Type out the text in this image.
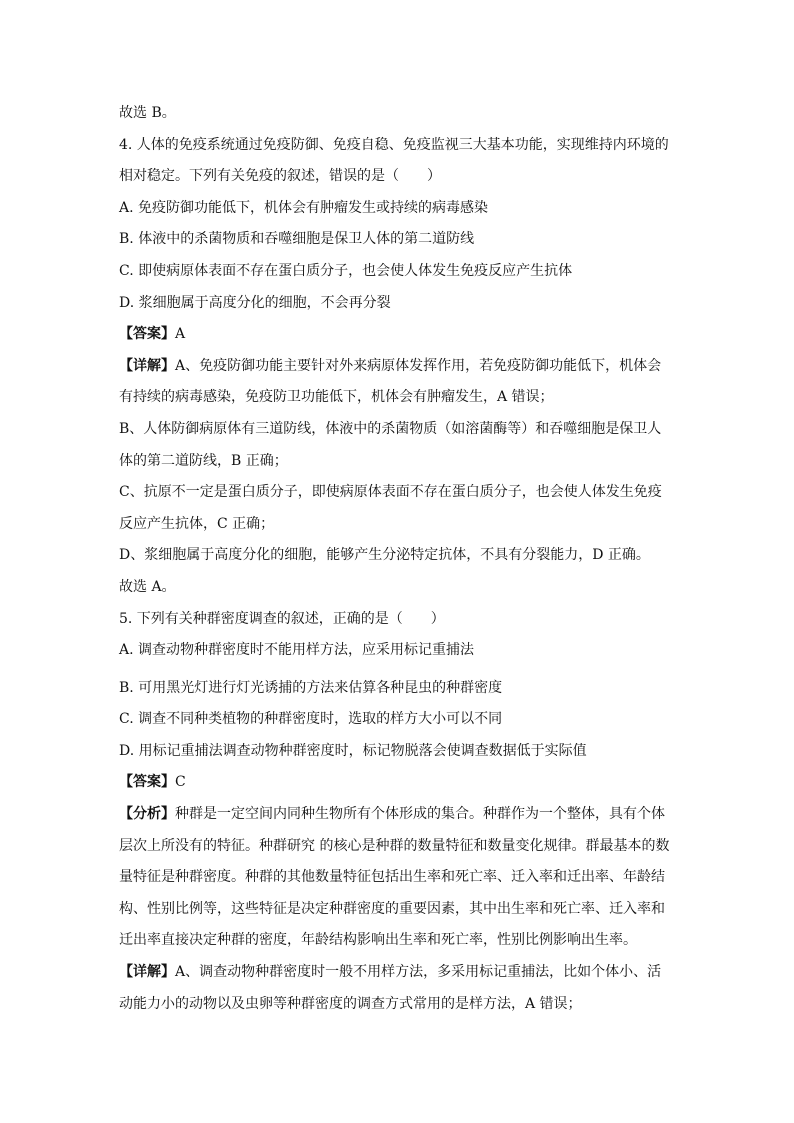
故选 B。
4. 人体的免疫系统通过免疫防御、免疫自稳、免疫监视三大基本功能，实现维持内环境的
相对稳定。下列有关免疫的叙述，错误的是（　　）
A. 免疫防御功能低下，机体会有肿瘤发生或持续的病毒感染
B. 体液中的杀菌物质和吞噬细胞是保卫人体的第二道防线
C. 即使病原体表面不存在蛋白质分子，也会使人体发生免疫反应产生抗体
D. 浆细胞属于高度分化的细胞，不会再分裂
【答案】A
【详解】A、免疫防御功能主要针对外来病原体发挥作用，若免疫防御功能低下，机体会
有持续的病毒感染，免疫防卫功能低下，机体会有肿瘤发生，A 错误；
B、人体防御病原体有三道防线，体液中的杀菌物质（如溶菌酶等）和吞噬细胞是保卫人
体的第二道防线，B 正确；
C、抗原不一定是蛋白质分子，即使病原体表面不存在蛋白质分子，也会使人体发生免疫
反应产生抗体，C 正确；
D、浆细胞属于高度分化的细胞，能够产生分泌特定抗体，不具有分裂能力，D 正确。
故选 A。
5. 下列有关种群密度调查的叙述，正确的是（　　）
A. 调查动物种群密度时不能用样方法，应采用标记重捕法
B. 可用黑光灯进行灯光诱捕的方法来估算各种昆虫的种群密度
C. 调查不同种类植物的种群密度时，选取的样方大小可以不同
D. 用标记重捕法调查动物种群密度时，标记物脱落会使调查数据低于实际值
【答案】C
【分析】种群是一定空间内同种生物所有个体形成的集合。种群作为一个整体，具有个体
层次上所没有的特征。种群研究 的核心是种群的数量特征和数量变化规律。群最基本的数
量特征是种群密度。种群的其他数量特征包括出生率和死亡率、迁入率和迁出率、年龄结
构、性别比例等，这些特征是决定种群密度的重要因素，其中出生率和死亡率、迁入率和
迁出率直接决定种群的密度，年龄结构影响出生率和死亡率，性别比例影响出生率。
【详解】A、调查动物种群密度时一般不用样方法，多采用标记重捕法，比如个体小、活
动能力小的动物以及虫卵等种群密度的调查方式常用的是样方法，A 错误；
